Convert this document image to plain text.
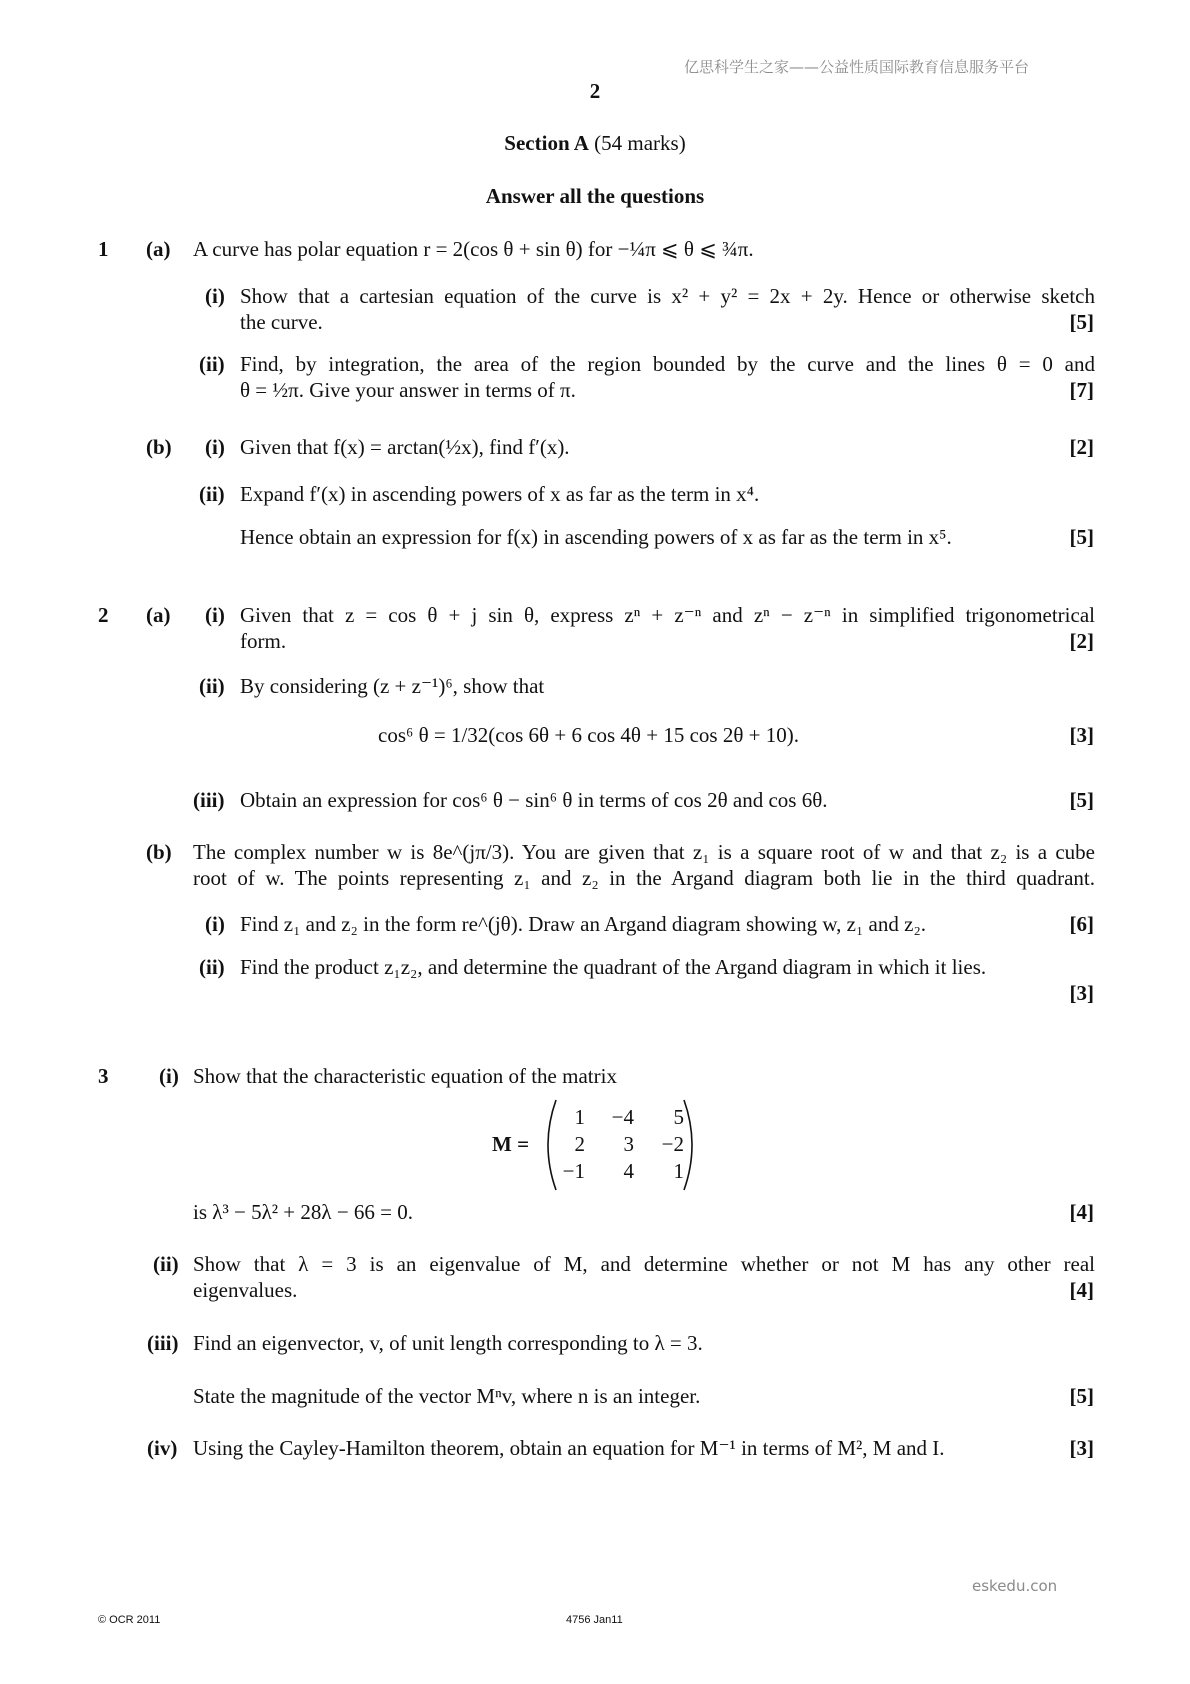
亿思科学生之家——公益性质国际教育信息服务平台
2
Section A (54 marks)
Answer all the questions
1 (a) A curve has polar equation r = 2(cos θ + sin θ) for −¼π ⩽ θ ⩽ ¾π.
(i) Show that a cartesian equation of the curve is x² + y² = 2x + 2y. Hence or otherwise sketch
the curve.	[5]
(ii) Find, by integration, the area of the region bounded by the curve and the lines θ = 0 and
θ = ½π. Give your answer in terms of π.	[7]
(b) (i) Given that f(x) = arctan(½x), find f′(x).	[2]
(ii) Expand f′(x) in ascending powers of x as far as the term in x⁴.
Hence obtain an expression for f(x) in ascending powers of x as far as the term in x⁵.	[5]
2 (a) (i) Given that z = cos θ + j sin θ, express zⁿ + z⁻ⁿ and zⁿ − z⁻ⁿ in simplified trigonometrical
form.	[2]
(ii) By considering (z + z⁻¹)⁶, show that
cos⁶ θ = 1/32(cos 6θ + 6 cos 4θ + 15 cos 2θ + 10).	[3]
(iii) Obtain an expression for cos⁶ θ − sin⁶ θ in terms of cos 2θ and cos 6θ.	[5]
(b) The complex number w is 8e^(jπ/3). You are given that z₁ is a square root of w and that z₂ is a cube
root of w. The points representing z₁ and z₂ in the Argand diagram both lie in the third quadrant.
(i) Find z₁ and z₂ in the form re^(jθ). Draw an Argand diagram showing w, z₁ and z₂.	[6]
(ii) Find the product z₁z₂, and determine the quadrant of the Argand diagram in which it lies.
[3]
3 (i) Show that the characteristic equation of the matrix
M =
1	−4	5
2	3	−2
−1	4	1
is λ³ − 5λ² + 28λ − 66 = 0.	[4]
(ii) Show that λ = 3 is an eigenvalue of M, and determine whether or not M has any other real
eigenvalues.	[4]
(iii) Find an eigenvector, v, of unit length corresponding to λ = 3.
State the magnitude of the vector Mⁿv, where n is an integer.	[5]
(iv) Using the Cayley-Hamilton theorem, obtain an equation for M⁻¹ in terms of M², M and I.	[3]
eskedu.con
© OCR 2011	4756 Jan11
